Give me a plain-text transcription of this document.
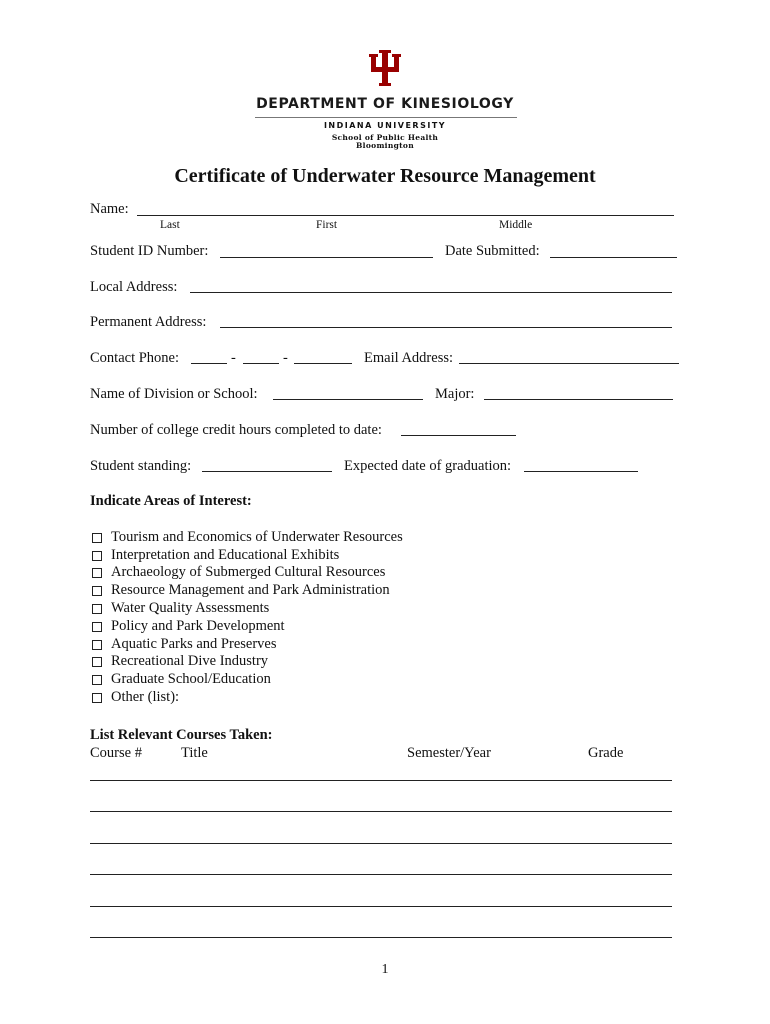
DEPARTMENT OF KINESIOLOGY
INDIANA UNIVERSITY
School of Public Health
Bloomington
Certificate of Underwater Resource Management
Name:
Last	First	Middle
Student ID Number:	Date Submitted:
Local Address:
Permanent Address:
Contact Phone:	-	-	Email Address:
Name of Division or School:	Major:
Number of college credit hours completed to date:
Student standing:	Expected date of graduation:
Indicate Areas of Interest:
Tourism and Economics of Underwater Resources
Interpretation and Educational Exhibits
Archaeology of Submerged Cultural Resources
Resource Management and Park Administration
Water Quality Assessments
Policy and Park Development
Aquatic Parks and Preserves
Recreational Dive Industry
Graduate School/Education
Other (list):
List Relevant Courses Taken:
Course #	Title	Semester/Year	Grade
1
